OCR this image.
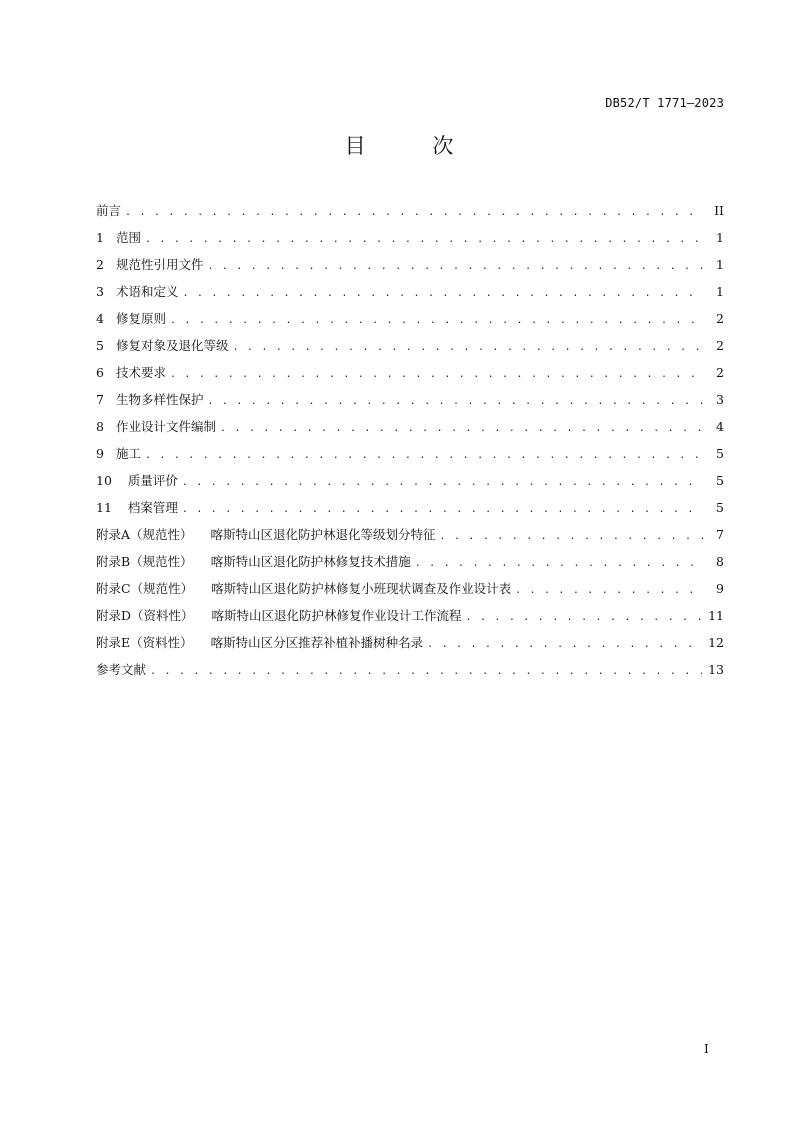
DB52/T 1771—2023
目 次
前言 . . .	II
1 范围 . . .	1
2 规范性引用文件 . . .	1
3 术语和定义 . . .	1
4 修复原则 . . .	2
5 修复对象及退化等级 . . .	2
6 技术要求 . . .	2
7 生物多样性保护 . . .	3
8 作业设计文件编制 . . .	4
9 施工 . . .	5
10 质量评价 . . .	5
11 档案管理 . . .	5
附录A（规范性） 喀斯特山区退化防护林退化等级划分特征 . . .	7
附录B（规范性） 喀斯特山区退化防护林修复技术措施 . . .	8
附录C（规范性） 喀斯特山区退化防护林修复小班现状调查及作业设计表 . . .	9
附录D（资料性） 喀斯特山区退化防护林修复作业设计工作流程 . . .	11
附录E（资料性） 喀斯特山区分区推荐补植补播树种名录 . . .	12
参考文献 . . .	13
I
